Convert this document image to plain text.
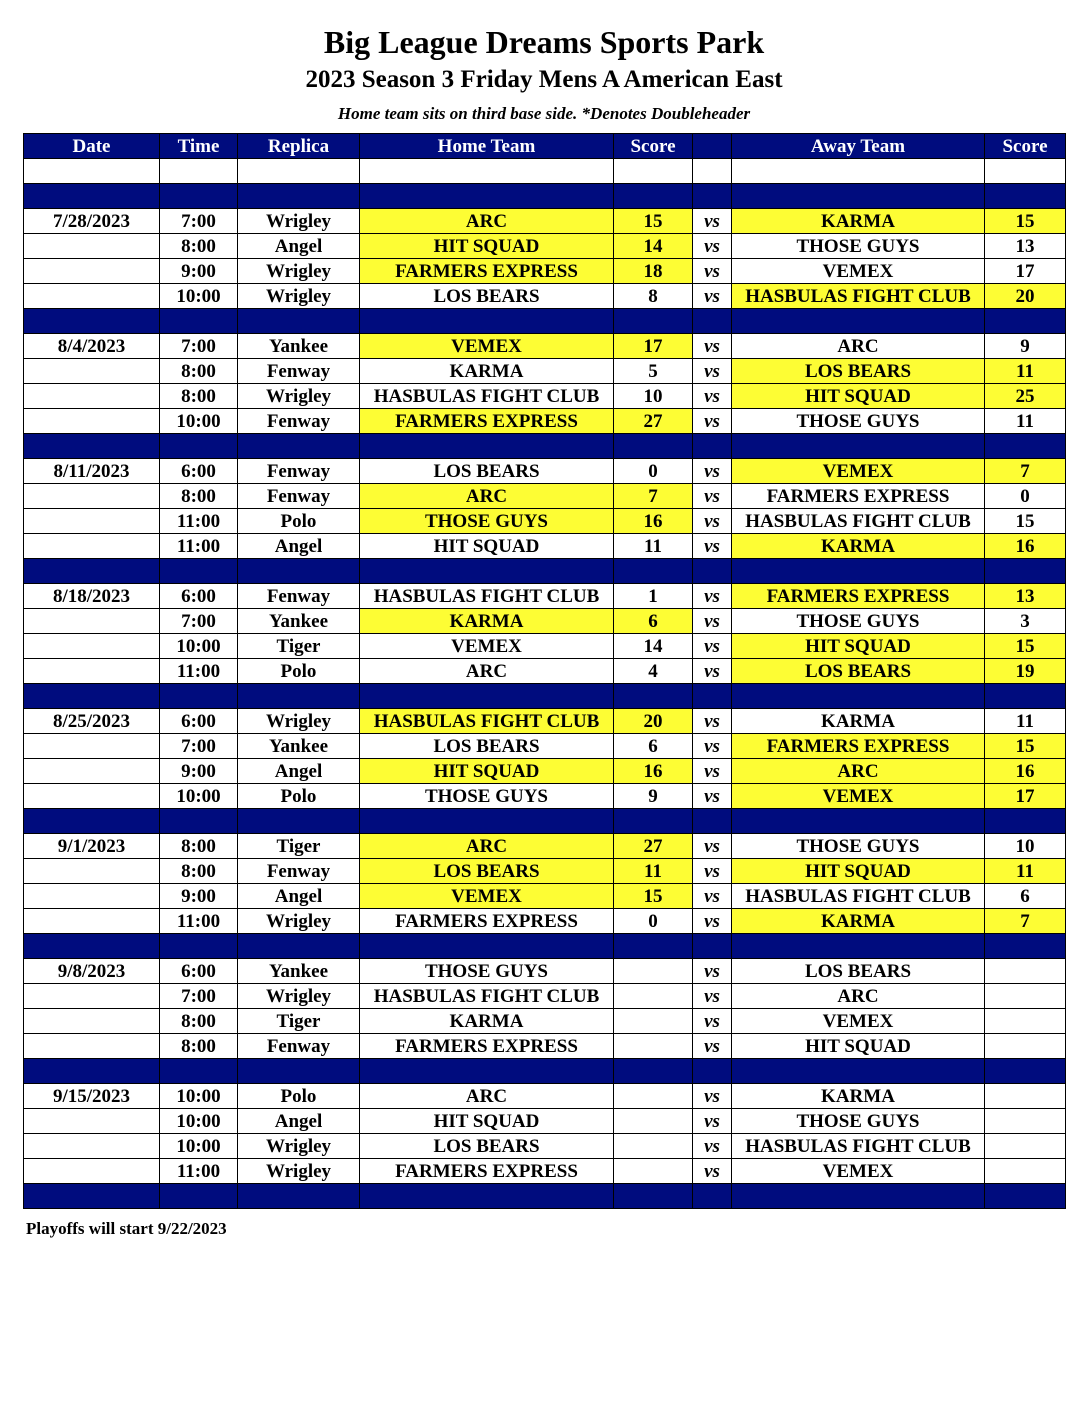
Big League Dreams Sports Park
2023 Season 3 Friday Mens A American East
Home team sits on third base side. *Denotes Doubleheader
Date	Time	Replica	Home Team	Score		Away Team	Score

7/28/2023	7:00	Wrigley	ARC	15	vs	KARMA	15
	8:00	Angel	HIT SQUAD	14	vs	THOSE GUYS	13
	9:00	Wrigley	FARMERS EXPRESS	18	vs	VEMEX	17
	10:00	Wrigley	LOS BEARS	8	vs	HASBULAS FIGHT CLUB	20

8/4/2023	7:00	Yankee	VEMEX	17	vs	ARC	9
	8:00	Fenway	KARMA	5	vs	LOS BEARS	11
	8:00	Wrigley	HASBULAS FIGHT CLUB	10	vs	HIT SQUAD	25
	10:00	Fenway	FARMERS EXPRESS	27	vs	THOSE GUYS	11

8/11/2023	6:00	Fenway	LOS BEARS	0	vs	VEMEX	7
	8:00	Fenway	ARC	7	vs	FARMERS EXPRESS	0
	11:00	Polo	THOSE GUYS	16	vs	HASBULAS FIGHT CLUB	15
	11:00	Angel	HIT SQUAD	11	vs	KARMA	16

8/18/2023	6:00	Fenway	HASBULAS FIGHT CLUB	1	vs	FARMERS EXPRESS	13
	7:00	Yankee	KARMA	6	vs	THOSE GUYS	3
	10:00	Tiger	VEMEX	14	vs	HIT SQUAD	15
	11:00	Polo	ARC	4	vs	LOS BEARS	19

8/25/2023	6:00	Wrigley	HASBULAS FIGHT CLUB	20	vs	KARMA	11
	7:00	Yankee	LOS BEARS	6	vs	FARMERS EXPRESS	15
	9:00	Angel	HIT SQUAD	16	vs	ARC	16
	10:00	Polo	THOSE GUYS	9	vs	VEMEX	17

9/1/2023	8:00	Tiger	ARC	27	vs	THOSE GUYS	10
	8:00	Fenway	LOS BEARS	11	vs	HIT SQUAD	11
	9:00	Angel	VEMEX	15	vs	HASBULAS FIGHT CLUB	6
	11:00	Wrigley	FARMERS EXPRESS	0	vs	KARMA	7

9/8/2023	6:00	Yankee	THOSE GUYS		vs	LOS BEARS	
	7:00	Wrigley	HASBULAS FIGHT CLUB		vs	ARC	
	8:00	Tiger	KARMA		vs	VEMEX	
	8:00	Fenway	FARMERS EXPRESS		vs	HIT SQUAD	

9/15/2023	10:00	Polo	ARC		vs	KARMA	
	10:00	Angel	HIT SQUAD		vs	THOSE GUYS	
	10:00	Wrigley	LOS BEARS		vs	HASBULAS FIGHT CLUB	
	11:00	Wrigley	FARMERS EXPRESS		vs	VEMEX	

Playoffs will start 9/22/2023
